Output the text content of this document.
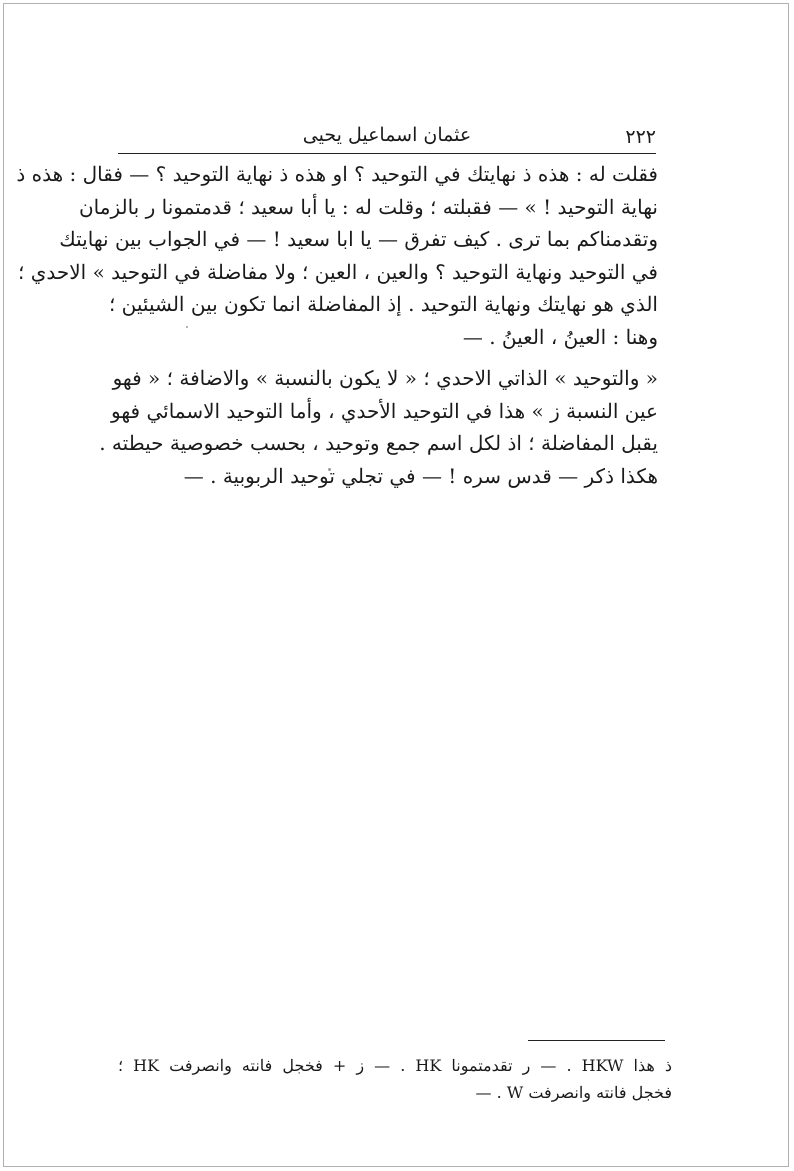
٢٢٢
عثمان اسماعيل يحيى
فقلت له : هذه ذ نهايتك في التوحيد ؟ او هذه ذ نهاية التوحيد ؟ — فقال : هذه ذ
نهاية التوحيد ! » — فقبلته ؛ وقلت له : يا أبا سعيد ؛ قدمتمونا ر بالزمان
وتقدمناكم بما ترى . كيف تفرق — يا ابا سعيد ! — في الجواب بين نهايتك
في التوحيد ونهاية التوحيد ؟ والعين ، العين ؛ ولا مفاضلة في التوحيد » الاحدي ؛
الذي هو نهايتك ونهاية التوحيد . إذ المفاضلة انما تكون بين الشيئين ؛
وهنا : العينُ ، العينُ . —
« والتوحيد » الذاتي الاحدي ؛ « لا يكون بالنسبة » والاضافة ؛ « فهو
عين النسبة ز » هذا في التوحيد الأحدي ، وأما التوحيد الاسمائي فهو
يقبل المفاضلة ؛ اذ لكل اسم جمع وتوحيد ، بحسب خصوصية حيطته .
هكذا ذكر — قدس سره ! — في تجلي توحيد الربوبية . —
ذ هذا HKW . — ر تقدمتمونا HK . — ز + فخجل فانته وانصرفت HK ؛
فخجل فانته وانصرفت W . —
